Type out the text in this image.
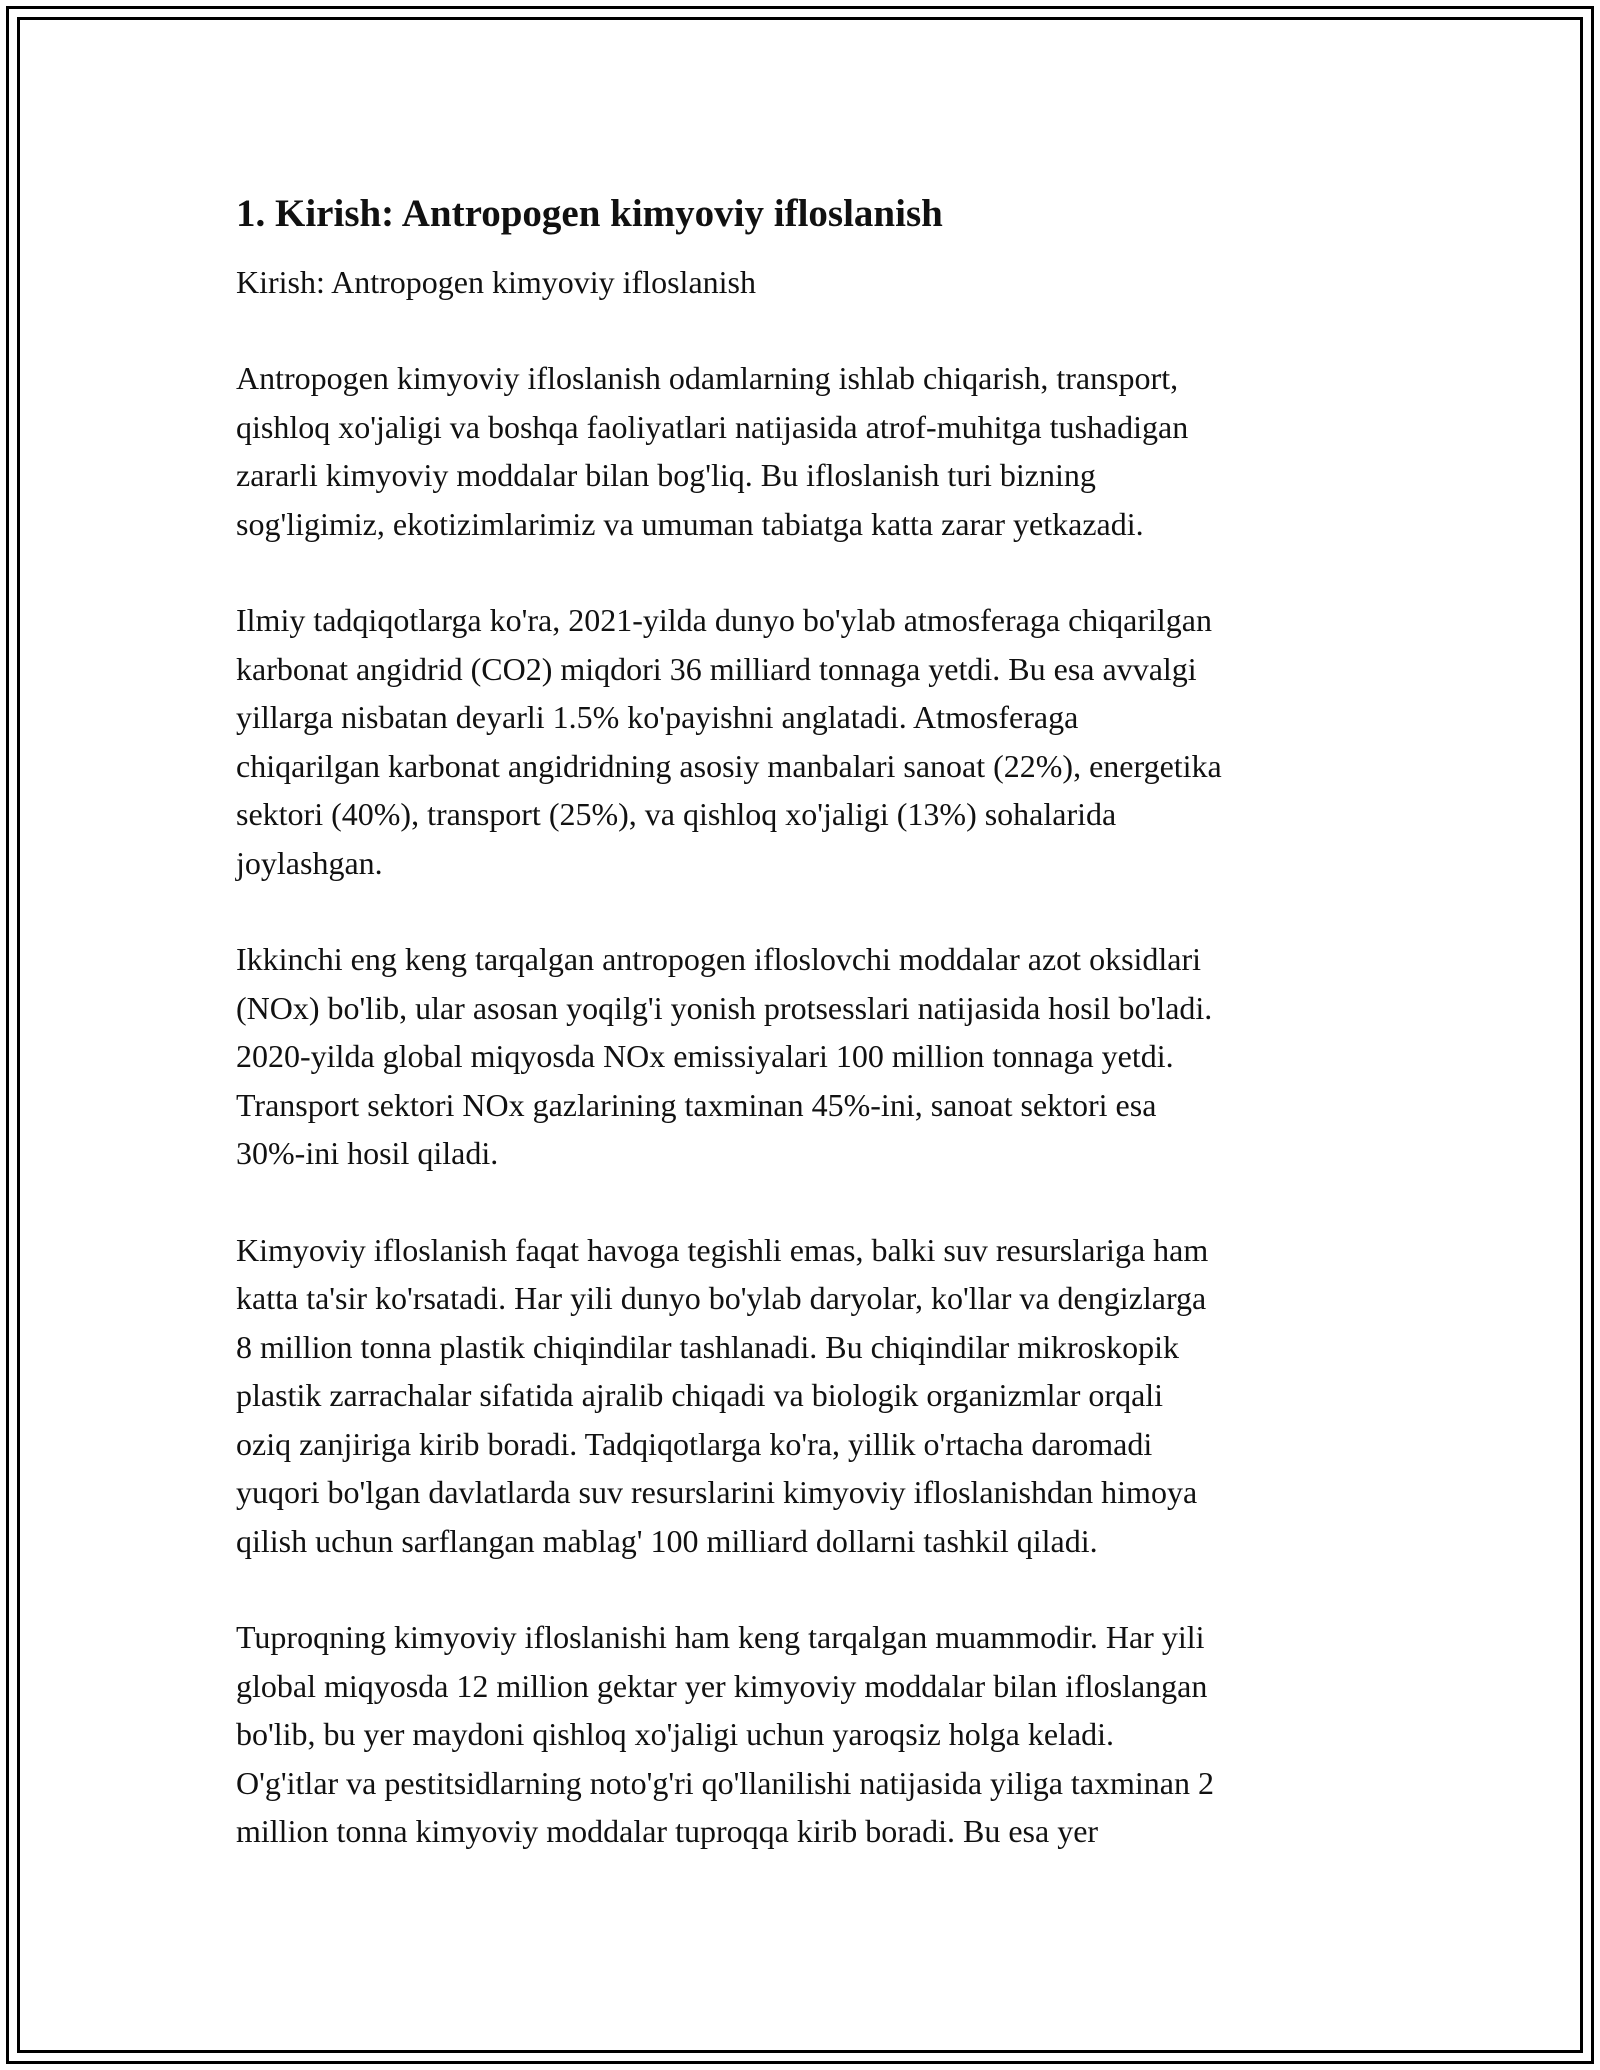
1. Kirish: Antropogen kimyoviy ifloslanish
Kirish: Antropogen kimyoviy ifloslanish

Antropogen kimyoviy ifloslanish odamlarning ishlab chiqarish, transport,
qishloq xo'jaligi va boshqa faoliyatlari natijasida atrof-muhitga tushadigan
zararli kimyoviy moddalar bilan bog'liq. Bu ifloslanish turi bizning
sog'ligimiz, ekotizimlarimiz va umuman tabiatga katta zarar yetkazadi.

Ilmiy tadqiqotlarga ko'ra, 2021-yilda dunyo bo'ylab atmosferaga chiqarilgan
karbonat angidrid (CO2) miqdori 36 milliard tonnaga yetdi. Bu esa avvalgi
yillarga nisbatan deyarli 1.5% ko'payishni anglatadi. Atmosferaga
chiqarilgan karbonat angidridning asosiy manbalari sanoat (22%), energetika
sektori (40%), transport (25%), va qishloq xo'jaligi (13%) sohalarida
joylashgan.

Ikkinchi eng keng tarqalgan antropogen ifloslovchi moddalar azot oksidlari
(NOx) bo'lib, ular asosan yoqilg'i yonish protsesslari natijasida hosil bo'ladi.
2020-yilda global miqyosda NOx emissiyalari 100 million tonnaga yetdi.
Transport sektori NOx gazlarining taxminan 45%-ini, sanoat sektori esa
30%-ini hosil qiladi.

Kimyoviy ifloslanish faqat havoga tegishli emas, balki suv resurslariga ham
katta ta'sir ko'rsatadi. Har yili dunyo bo'ylab daryolar, ko'llar va dengizlarga
8 million tonna plastik chiqindilar tashlanadi. Bu chiqindilar mikroskopik
plastik zarrachalar sifatida ajralib chiqadi va biologik organizmlar orqali
oziq zanjiriga kirib boradi. Tadqiqotlarga ko'ra, yillik o'rtacha daromadi
yuqori bo'lgan davlatlarda suv resurslarini kimyoviy ifloslanishdan himoya
qilish uchun sarflangan mablag' 100 milliard dollarni tashkil qiladi.

Tuproqning kimyoviy ifloslanishi ham keng tarqalgan muammodir. Har yili
global miqyosda 12 million gektar yer kimyoviy moddalar bilan ifloslangan
bo'lib, bu yer maydoni qishloq xo'jaligi uchun yaroqsiz holga keladi.
O'g'itlar va pestitsidlarning noto'g'ri qo'llanilishi natijasida yiliga taxminan 2
million tonna kimyoviy moddalar tuproqqa kirib boradi. Bu esa yer
